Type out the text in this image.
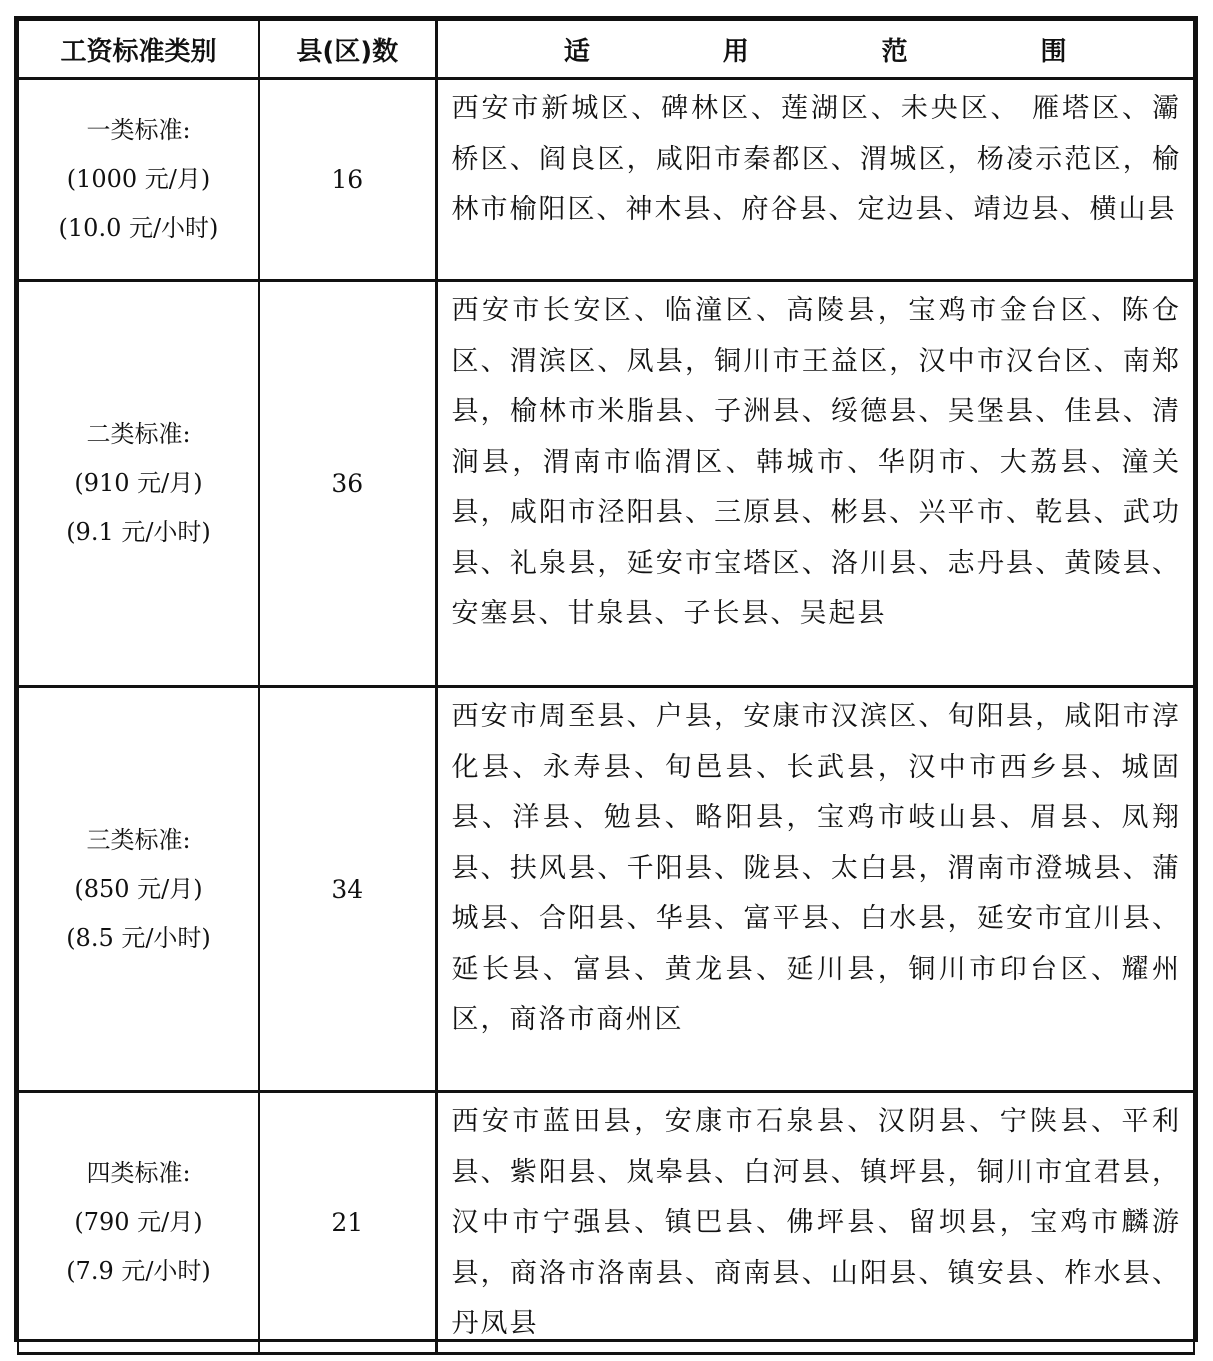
工资标准类别	县(区)数	适 用 范 围

一类标准:
(1000 元/月)
(10.0 元/小时)	16	西安市新城区、碑林区、莲湖区、未央区、 雁塔区、灞桥区、阎良区，咸阳市秦都区、渭城区，杨凌示范区，榆林市榆阳区、神木县、府谷县、定边县、靖边县、横山县

二类标准:
(910 元/月)
(9.1 元/小时)	36	西安市长安区、临潼区、高陵县，宝鸡市金台区、陈仓区、渭滨区、凤县，铜川市王益区，汉中市汉台区、南郑县，榆林市米脂县、子洲县、绥德县、吴堡县、佳县、清涧县，渭南市临渭区、韩城市、华阴市、大荔县、潼关县，咸阳市泾阳县、三原县、彬县、兴平市、乾县、武功县、礼泉县，延安市宝塔区、洛川县、志丹县、黄陵县、安塞县、甘泉县、子长县、吴起县

三类标准:
(850 元/月)
(8.5 元/小时)	34	西安市周至县、户县，安康市汉滨区、旬阳县，咸阳市淳化县、永寿县、旬邑县、长武县，汉中市西乡县、城固县、洋县、勉县、略阳县，宝鸡市岐山县、眉县、凤翔县、扶风县、千阳县、陇县、太白县，渭南市澄城县、蒲城县、合阳县、华县、富平县、白水县，延安市宜川县、延长县、富县、黄龙县、延川县，铜川市印台区、耀州区，商洛市商州区

四类标准:
(790 元/月)
(7.9 元/小时)	21	西安市蓝田县，安康市石泉县、汉阴县、宁陕县、平利县、紫阳县、岚皋县、白河县、镇坪县，铜川市宜君县，汉中市宁强县、镇巴县、佛坪县、留坝县，宝鸡市麟游县，商洛市洛南县、商南县、山阳县、镇安县、柞水县、丹凤县
